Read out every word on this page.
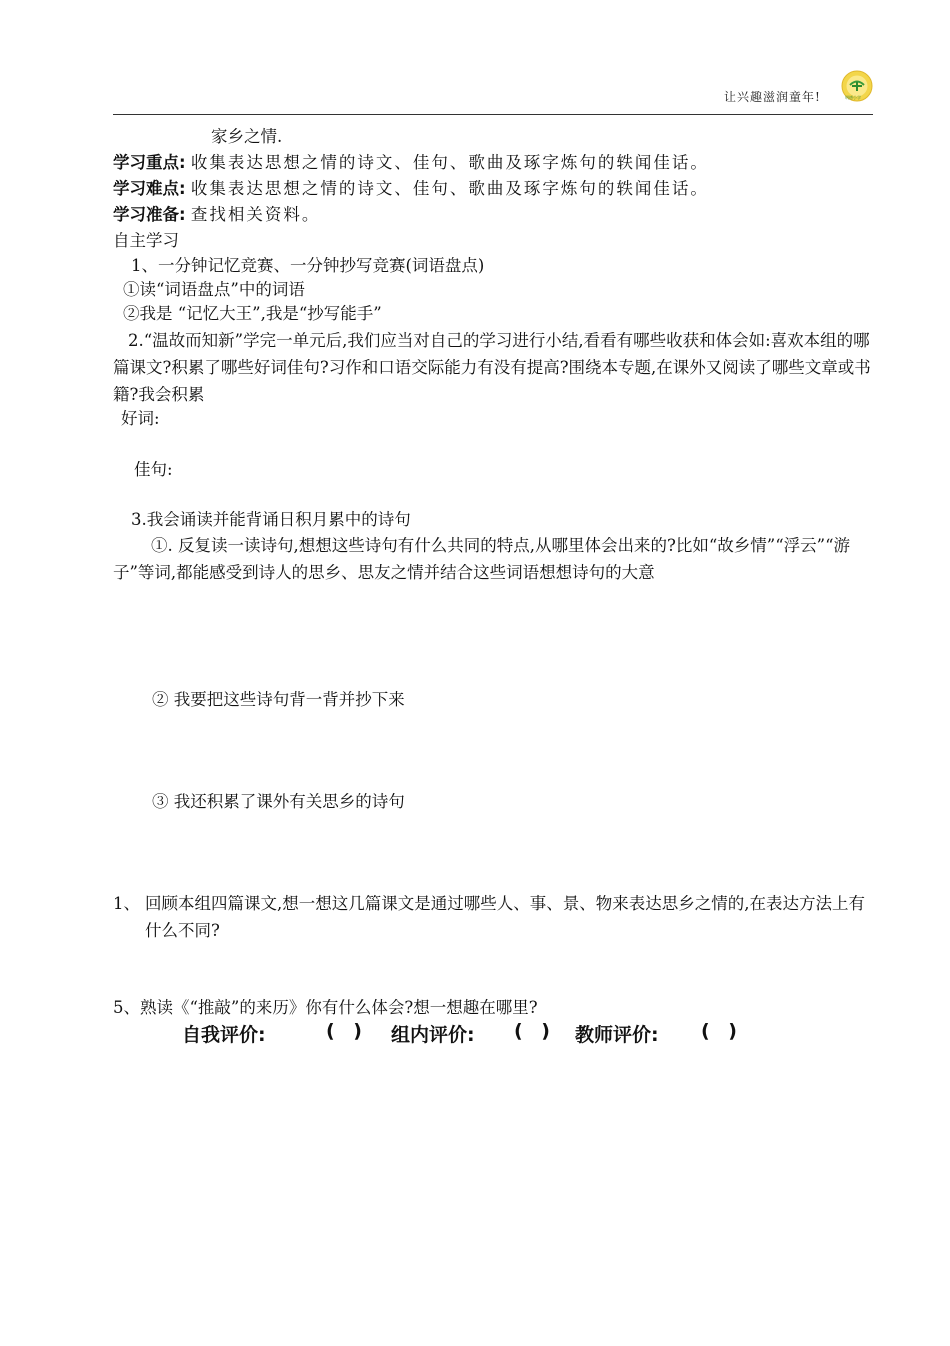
让兴趣滋润童年!	明德小学
家乡之情.
学习重点: 收集表达思想之情的诗文、佳句、歌曲及琢字炼句的轶闻佳话。
学习难点: 收集表达思想之情的诗文、佳句、歌曲及琢字炼句的轶闻佳话。
学习准备: 查找相关资料。
自主学习
1、一分钟记忆竞赛、一分钟抄写竞赛(词语盘点)
①读“词语盘点”中的词语
②我是 “记忆大王”,我是“抄写能手”
2.“温故而知新”学完一单元后,我们应当对自己的学习进行小结,看看有哪些收获和体会如:喜欢本组的哪篇课文?积累了哪些好词佳句?习作和口语交际能力有没有提高?围绕本专题,在课外又阅读了哪些文章或书籍?我会积累
好词:
佳句:
3.我会诵读并能背诵日积月累中的诗句
①. 反复读一读诗句,想想这些诗句有什么共同的特点,从哪里体会出来的?比如“故乡情”“浮云”“游子”等词,都能感受到诗人的思乡、思友之情并结合这些词语想想诗句的大意
② 我要把这些诗句背一背并抄下来
③ 我还积累了课外有关思乡的诗句
1、 回顾本组四篇课文,想一想这几篇课文是通过哪些人、事、景、物来表达思乡之情的,在表达方法上有什么不同?
5、熟读《“推敲”的来历》你有什么体会?想一想趣在哪里?
自我评价:	( ) 组内评价: ( ) 教师评价: ( )
